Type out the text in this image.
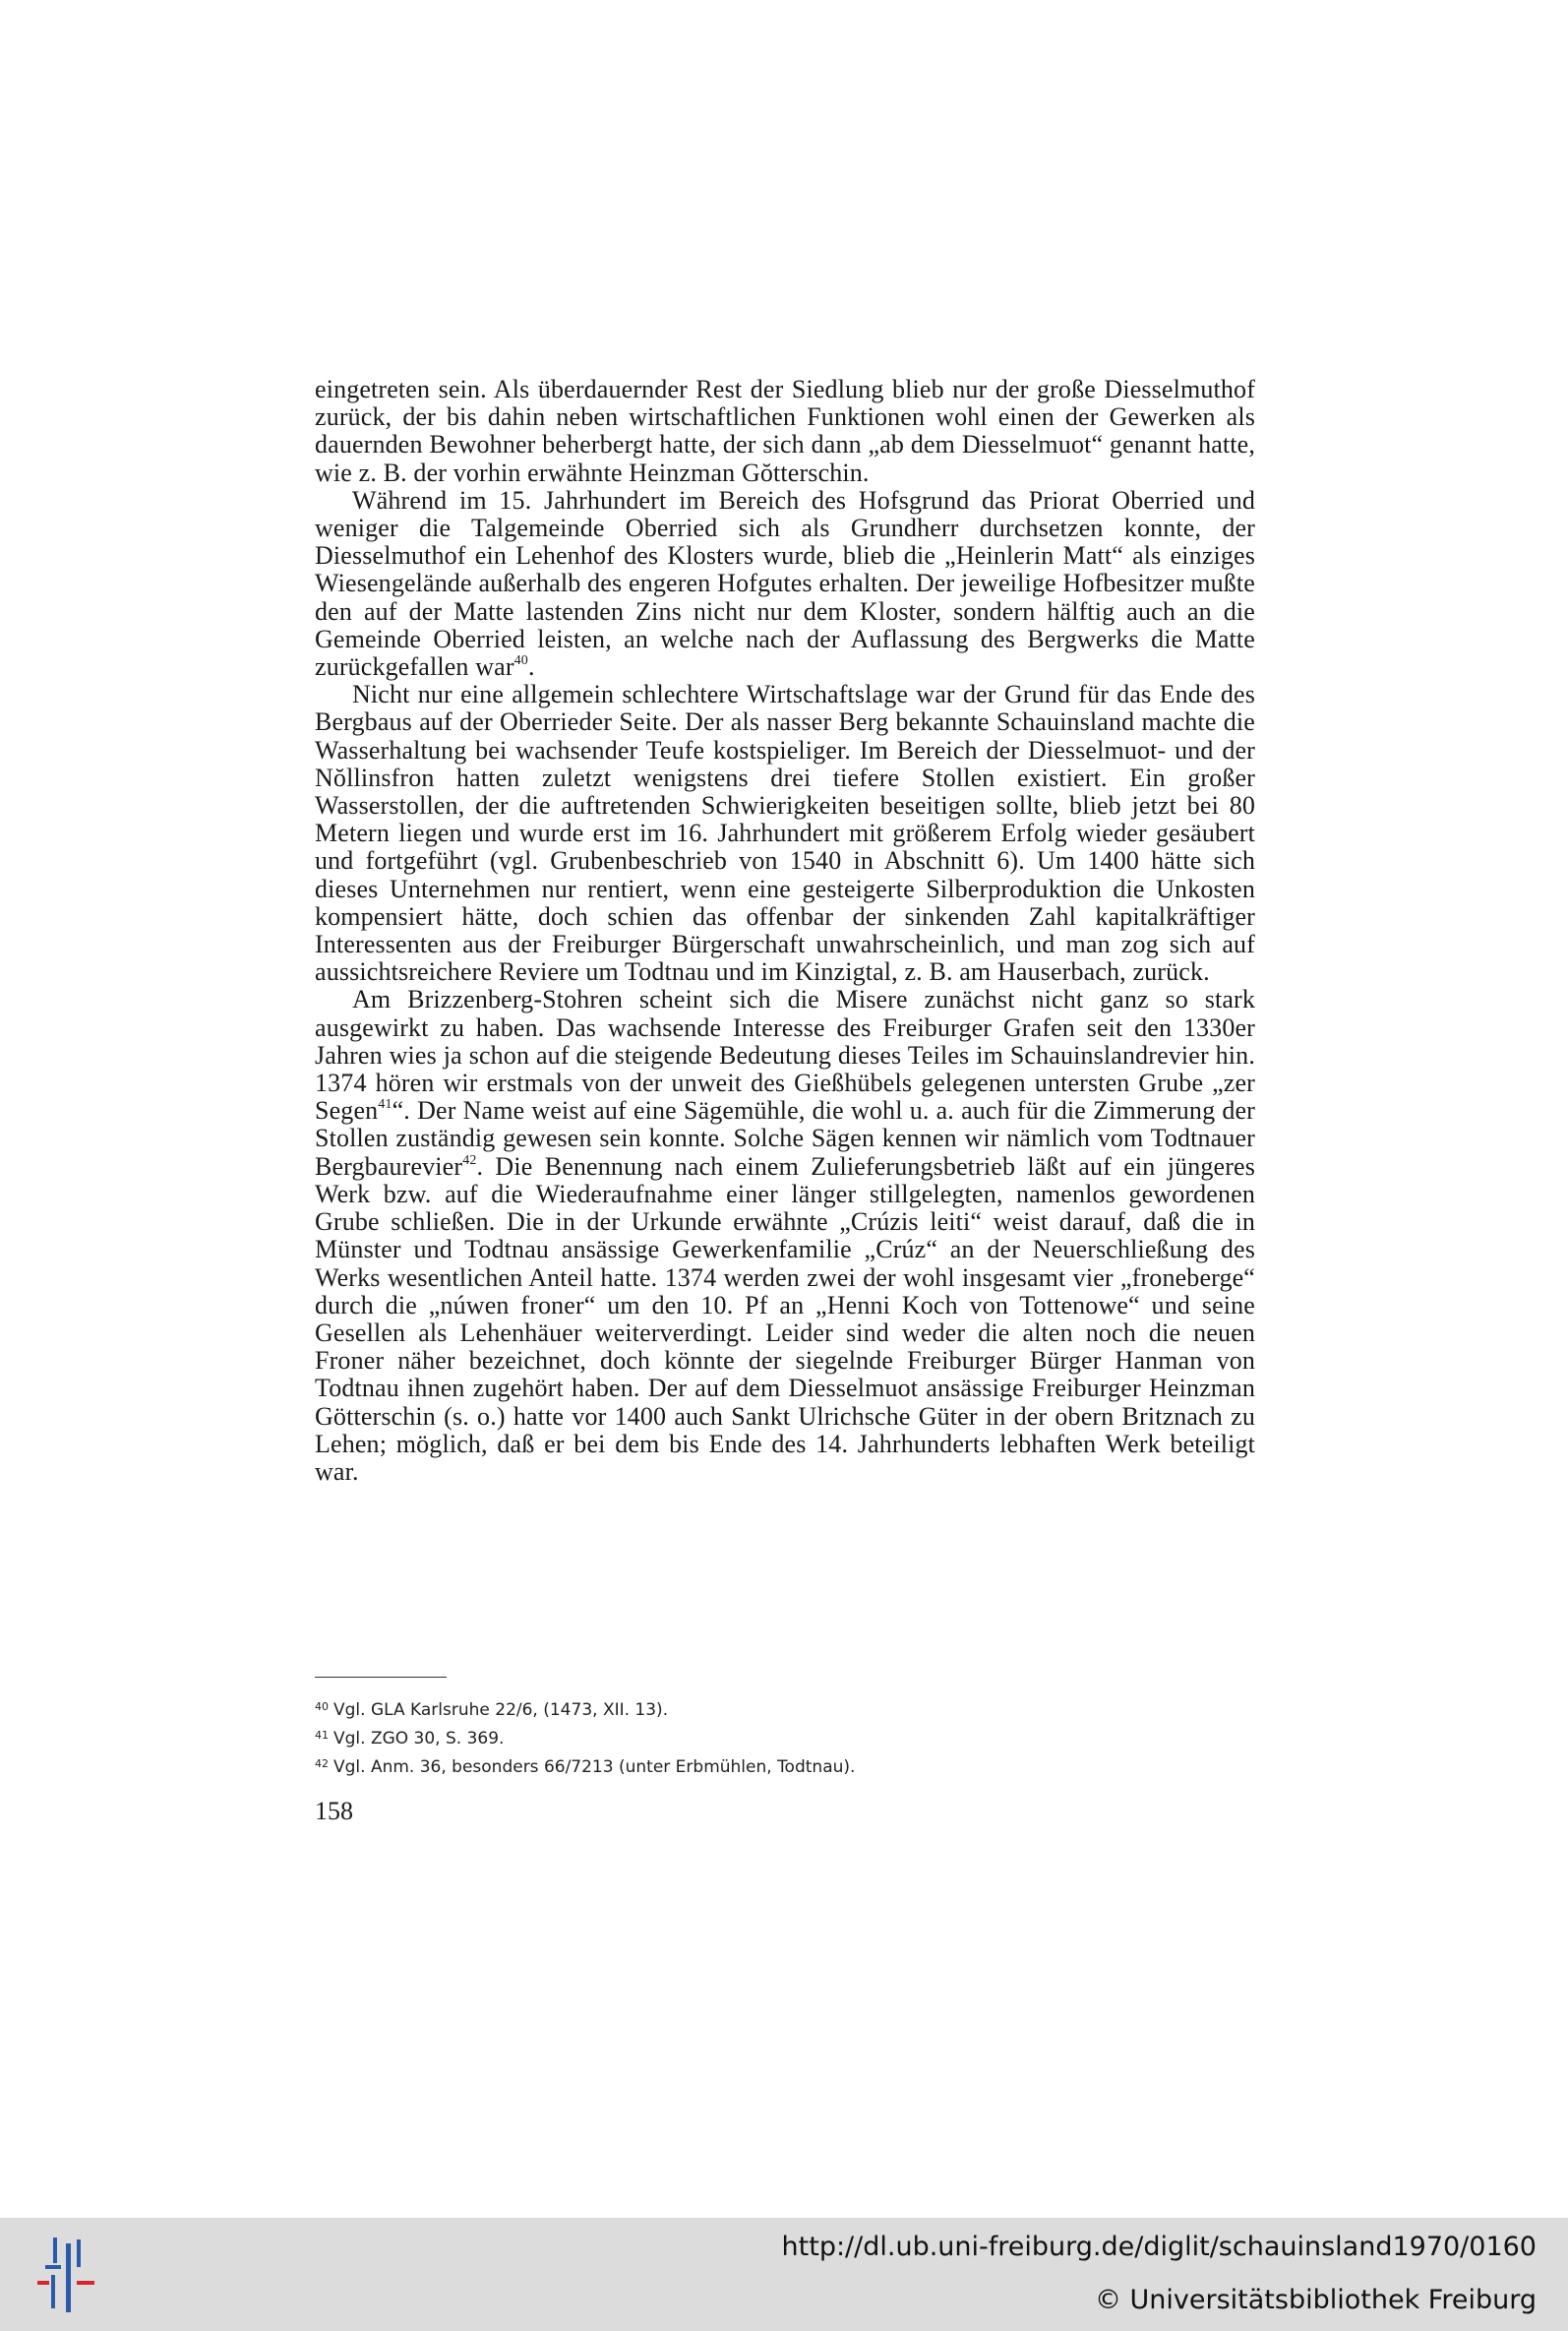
eingetreten sein. Als überdauernder Rest der Siedlung blieb nur der große Diesselmuthof zurück, der bis dahin neben wirtschaftlichen Funktionen wohl einen der Gewerken als dauernden Bewohner beherbergt hatte, der sich dann „ab dem Diesselmuot“ genannt hatte, wie z. B. der vorhin erwähnte Heinzman Gŏtterschin.

Während im 15. Jahrhundert im Bereich des Hofsgrund das Priorat Oberried und weniger die Talgemeinde Oberried sich als Grundherr durchsetzen konnte, der Diesselmuthof ein Lehenhof des Klosters wurde, blieb die „Heinlerin Matt“ als einziges Wiesengelände außerhalb des engeren Hofgutes erhalten. Der jeweilige Hofbesitzer mußte den auf der Matte lastenden Zins nicht nur dem Kloster, sondern hälftig auch an die Gemeinde Oberried leisten, an welche nach der Auflassung des Bergwerks die Matte zurückgefallen war$^{40}$.

Nicht nur eine allgemein schlechtere Wirtschaftslage war der Grund für das Ende des Bergbaus auf der Oberrieder Seite. Der als nasser Berg bekannte Schauinsland machte die Wasserhaltung bei wachsender Teufe kostspieliger. Im Bereich der Diesselmuot- und der Nŏllinsfron hatten zuletzt wenigstens drei tiefere Stollen existiert. Ein großer Wasserstollen, der die auftretenden Schwierigkeiten beseitigen sollte, blieb jetzt bei 80 Metern liegen und wurde erst im 16. Jahrhundert mit größerem Erfolg wieder gesäubert und fortgeführt (vgl. Grubenbeschrieb von 1540 in Abschnitt 6). Um 1400 hätte sich dieses Unternehmen nur rentiert, wenn eine gesteigerte Silberproduktion die Unkosten kompensiert hätte, doch schien das offenbar der sinkenden Zahl kapitalkräftiger Interessenten aus der Freiburger Bürgerschaft unwahrscheinlich, und man zog sich auf aussichtsreichere Reviere um Todtnau und im Kinzigtal, z. B. am Hauserbach, zurück.

Am Brizzenberg-Stohren scheint sich die Misere zunächst nicht ganz so stark ausgewirkt zu haben. Das wachsende Interesse des Freiburger Grafen seit den 1330er Jahren wies ja schon auf die steigende Bedeutung dieses Teiles im Schauinslandrevier hin. 1374 hören wir erstmals von der unweit des Gießhübels gelegenen untersten Grube „zer Segen$^{41}$“. Der Name weist auf eine Sägemühle, die wohl u. a. auch für die Zimmerung der Stollen zuständig gewesen sein konnte. Solche Sägen kennen wir nämlich vom Todtnauer Bergbaurevier$^{42}$. Die Benennung nach einem Zulieferungsbetrieb läßt auf ein jüngeres Werk bzw. auf die Wiederaufnahme einer länger stillgelegten, namenlos gewordenen Grube schließen. Die in der Urkunde erwähnte „Crúzis leiti“ weist darauf, daß die in Münster und Todtnau ansässige Gewerkenfamilie „Crúz“ an der Neuerschließung des Werks wesentlichen Anteil hatte. 1374 werden zwei der wohl insgesamt vier „froneberge“ durch die „núwen froner“ um den 10. Pf an „Henni Koch von Tottenowe“ und seine Gesellen als Lehenhäuer weiterverdingt. Leider sind weder die alten noch die neuen Froner näher bezeichnet, doch könnte der siegelnde Freiburger Bürger Hanman von Todtnau ihnen zugehört haben. Der auf dem Diesselmuot ansässige Freiburger Heinzman Götterschin (s. o.) hatte vor 1400 auch Sankt Ulrichsche Güter in der obern Britznach zu Lehen; möglich, daß er bei dem bis Ende des 14. Jahrhunderts lebhaften Werk beteiligt war.

$^{40}$ Vgl. GLA Karlsruhe 22/6, (1473, XII. 13).
$^{41}$ Vgl. ZGO 30, S. 369.
$^{42}$ Vgl. Anm. 36, besonders 66/7213 (unter Erbmühlen, Todtnau).
158
http://dl.ub.uni-freiburg.de/diglit/schauinsland1970/0160
© Universitätsbibliothek Freiburg
